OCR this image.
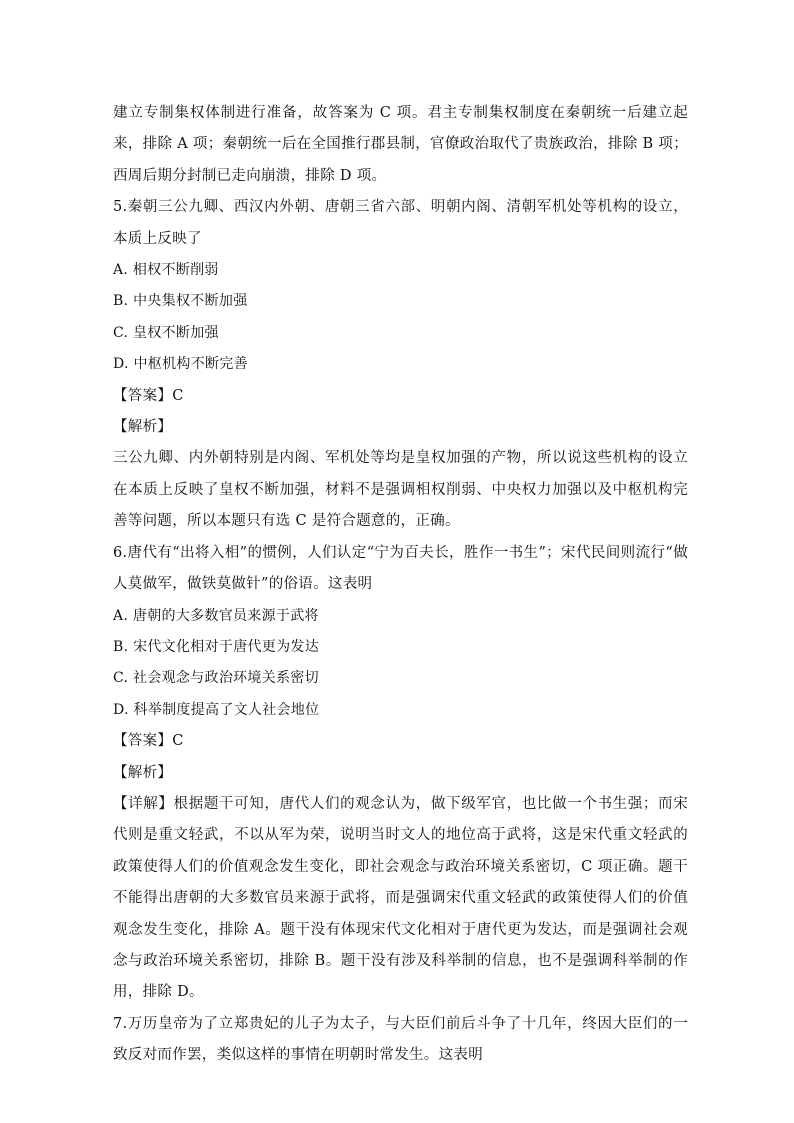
建立专制集权体制进行准备，故答案为 C 项。君主专制集权制度在秦朝统一后建立起来，排除 A 项；秦朝统一后在全国推行郡县制，官僚政治取代了贵族政治，排除 B 项；西周后期分封制已走向崩溃，排除 D 项。

5.秦朝三公九卿、西汉内外朝、唐朝三省六部、明朝内阁、清朝军机处等机构的设立，本质上反映了

A. 相权不断削弱

B. 中央集权不断加强

C. 皇权不断加强

D. 中枢机构不断完善

【答案】C

【解析】

三公九卿、内外朝特别是内阁、军机处等均是皇权加强的产物，所以说这些机构的设立在本质上反映了皇权不断加强，材料不是强调相权削弱、中央权力加强以及中枢机构完善等问题，所以本题只有选 C 是符合题意的，正确。

6.唐代有“出将入相”的惯例，人们认定“宁为百夫长，胜作一书生”；宋代民间则流行“做人莫做军，做铁莫做针”的俗语。这表明

A. 唐朝的大多数官员来源于武将

B. 宋代文化相对于唐代更为发达

C. 社会观念与政治环境关系密切

D. 科举制度提高了文人社会地位

【答案】C

【解析】

【详解】根据题干可知，唐代人们的观念认为，做下级军官，也比做一个书生强；而宋代则是重文轻武，不以从军为荣，说明当时文人的地位高于武将，这是宋代重文轻武的政策使得人们的价值观念发生变化，即社会观念与政治环境关系密切，C 项正确。题干不能得出唐朝的大多数官员来源于武将，而是强调宋代重文轻武的政策使得人们的价值观念发生变化，排除 A。题干没有体现宋代文化相对于唐代更为发达，而是强调社会观念与政治环境关系密切，排除 B。题干没有涉及科举制的信息，也不是强调科举制的作用，排除 D。

7.万历皇帝为了立郑贵妃的儿子为太子，与大臣们前后斗争了十几年，终因大臣们的一致反对而作罢，类似这样的事情在明朝时常发生。这表明
